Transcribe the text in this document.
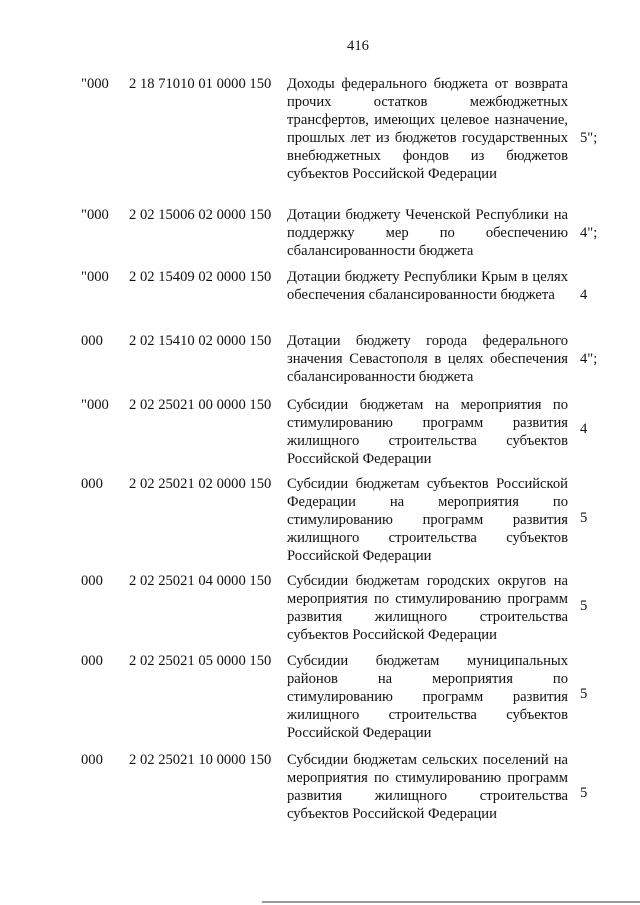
416
"000 2 18 71010 01 0000 150 Доходы федерального бюджета от возврата прочих остатков межбюджетных трансфертов, имеющих целевое назначение, прошлых лет из бюджетов государственных внебюджетных фондов из бюджетов субъектов Российской Федерации
5";
"000 2 02 15006 02 0000 150 Дотации бюджету Чеченской Республики на поддержку мер по обеспечению сбалансированности бюджета
4";
"000 2 02 15409 02 0000 150 Дотации бюджету Республики Крым в целях обеспечения сбалансированности бюджета	4
000 2 02 15410 02 0000 150 Дотации бюджету города федерального значения Севастополя в целях обеспечения сбалансированности бюджета
4";
"000 2 02 25021 00 0000 150 Субсидии бюджетам на мероприятия по стимулированию программ развития жилищного строительства субъектов Российской Федерации
4
000 2 02 25021 02 0000 150 Субсидии бюджетам субъектов Российской Федерации на мероприятия по стимулированию программ развития жилищного строительства субъектов Российской Федерации
5
000 2 02 25021 04 0000 150 Субсидии бюджетам городских округов на мероприятия по стимулированию программ развития жилищного строительства субъектов Российской Федерации
5
000 2 02 25021 05 0000 150 Субсидии бюджетам муниципальных районов на мероприятия по стимулированию программ развития жилищного строительства субъектов Российской Федерации
5
000 2 02 25021 10 0000 150 Субсидии бюджетам сельских поселений на мероприятия по стимулированию программ развития жилищного строительства субъектов Российской Федерации
5
